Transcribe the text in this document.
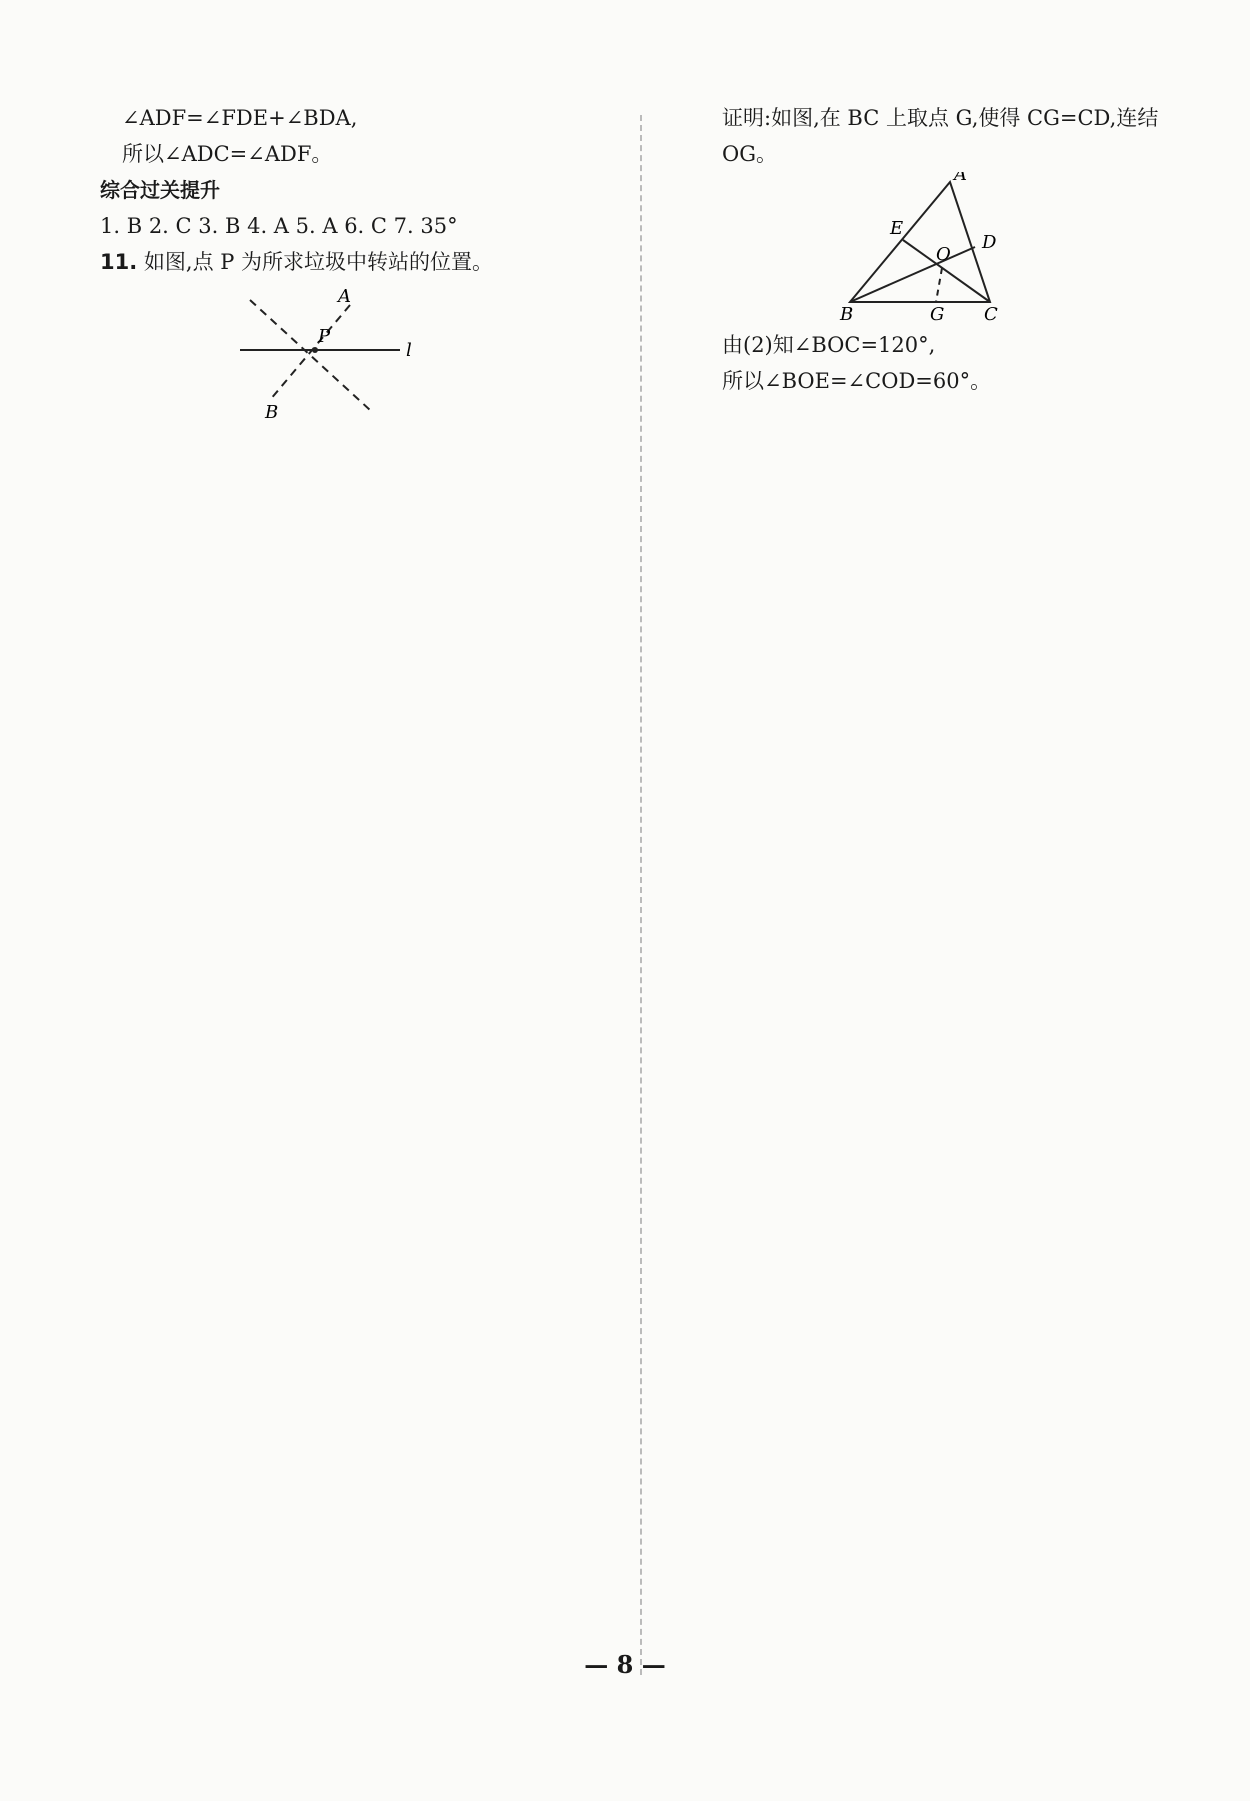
∠ADF=∠FDE+∠BDA,
所以∠ADC=∠ADF。
综合过关提升
1. B 2. C 3. B 4. A 5. A 6. C 7. 35°
11. 如图,点 P 为所求垃圾中转站的位置。
A
P
l
B
证明:如图,在 BC 上取点 G,使得 CG=CD,连结
OG。
A
E
O
D
B	G C
由(2)知∠BOC=120°,
所以∠BOE=∠COD=60°。
— 8 —
